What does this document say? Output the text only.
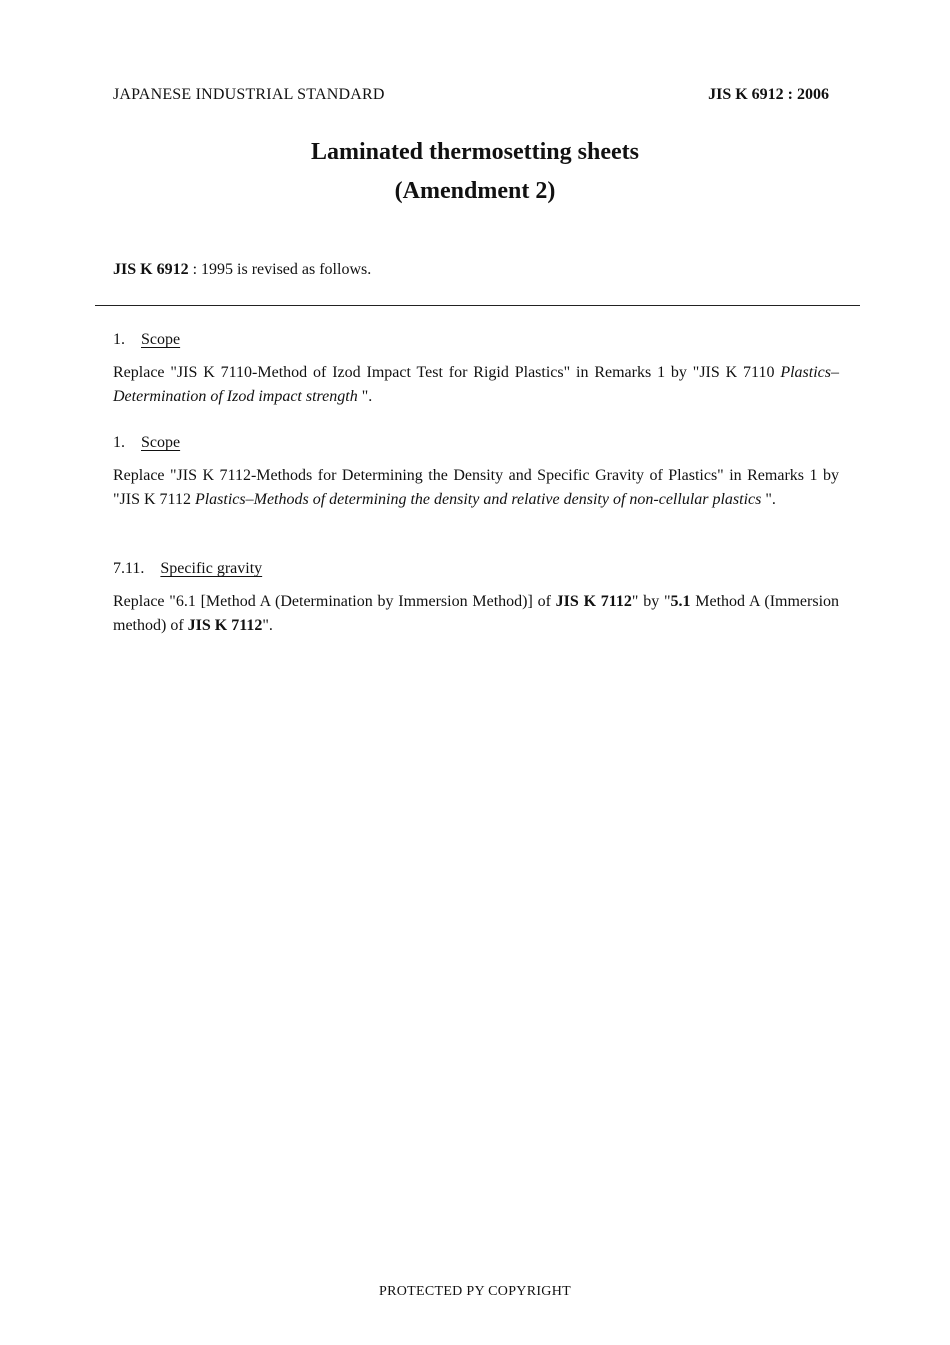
JAPANESE INDUSTRIAL STANDARD	JIS K 6912 : 2006
Laminated thermosetting sheets
(Amendment 2)
JIS K 6912 : 1995 is revised as follows.
1. Scope
Replace "JIS K 7110-Method of Izod Impact Test for Rigid Plastics" in Remarks 1 by "JIS K 7110 Plastics–Determination of Izod impact strength ".
1. Scope
Replace "JIS K 7112-Methods for Determining the Density and Specific Gravity of Plastics" in Remarks 1 by "JIS K 7112 Plastics–Methods of determining the density and relative density of non-cellular plastics ".
7.11. Specific gravity
Replace "6.1 [Method A (Determination by Immersion Method)] of JIS K 7112" by "5.1 Method A (Immersion method) of JIS K 7112".
PROTECTED PY COPYRIGHT
